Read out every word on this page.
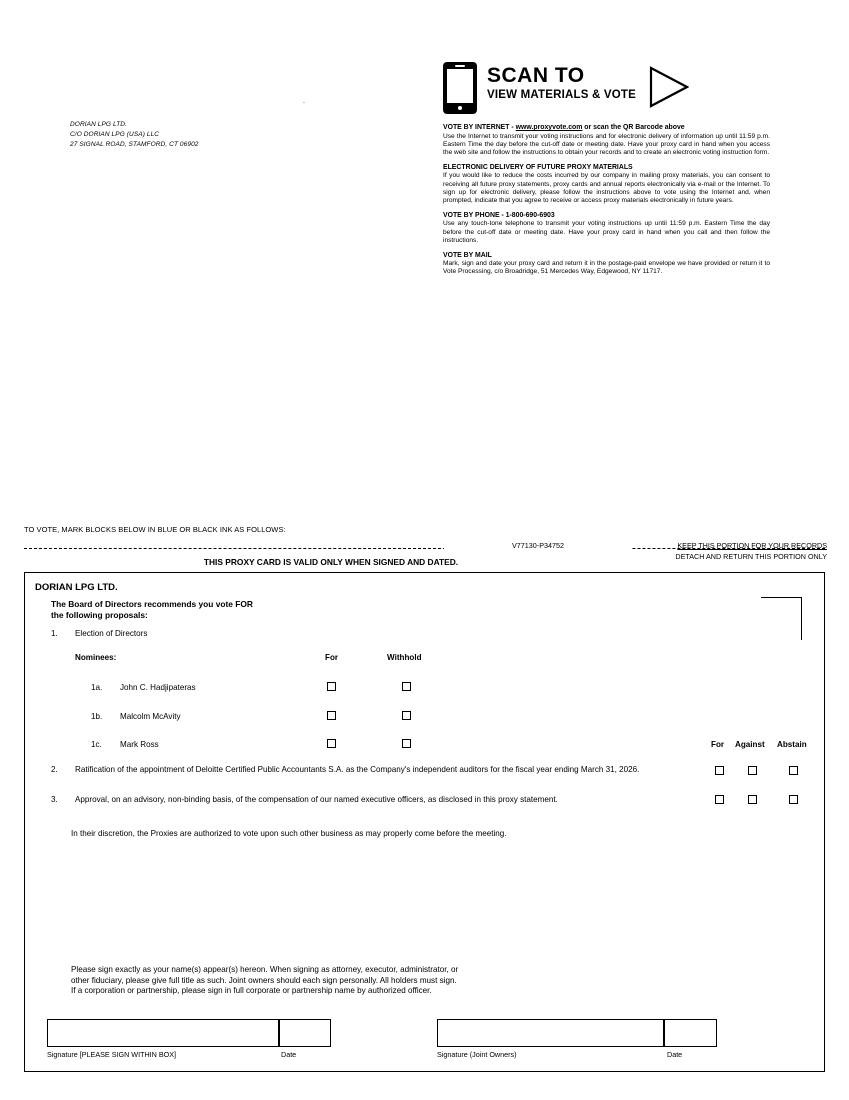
DORIAN LPG LTD.
C/O DORIAN LPG (USA) LLC
27 SIGNAL ROAD, STAMFORD, CT 06902
.
SCAN TO
VIEW MATERIALS & VOTE
VOTE BY INTERNET - www.proxyvote.com or scan the QR Barcode above
Use the Internet to transmit your voting instructions and for electronic delivery of information up until 11:59 p.m. Eastern Time the day before the cut-off date or meeting date. Have your proxy card in hand when you access the web site and follow the instructions to obtain your records and to create an electronic voting instruction form.
ELECTRONIC DELIVERY OF FUTURE PROXY MATERIALS
If you would like to reduce the costs incurred by our company in mailing proxy materials, you can consent to receiving all future proxy statements, proxy cards and annual reports electronically via e-mail or the Internet. To sign up for electronic delivery, please follow the instructions above to vote using the Internet and, when prompted, indicate that you agree to receive or access proxy materials electronically in future years.
VOTE BY PHONE - 1-800-690-6903
Use any touch-tone telephone to transmit your voting instructions up until 11:59 p.m. Eastern Time the day before the cut-off date or meeting date. Have your proxy card in hand when you call and then follow the instructions.
VOTE BY MAIL
Mark, sign and date your proxy card and return it in the postage-paid envelope we have provided or return it to Vote Processing, c/o Broadridge, 51 Mercedes Way, Edgewood, NY 11717.
TO VOTE, MARK BLOCKS BELOW IN BLUE OR BLACK INK AS FOLLOWS:
V77130-P34752	KEEP THIS PORTION FOR YOUR RECORDS
DETACH AND RETURN THIS PORTION ONLY
THIS PROXY CARD IS VALID ONLY WHEN SIGNED AND DATED.
DORIAN LPG LTD.
The Board of Directors recommends you vote FOR
the following proposals:
1. Election of Directors
Nominees:	For	Withhold
1a. John C. Hadjipateras
1b. Malcolm McAvity
1c. Mark Ross	For Against Abstain
2. Ratification of the appointment of Deloitte Certified Public Accountants S.A. as the Company's independent auditors for the fiscal year ending March 31, 2026.
3. Approval, on an advisory, non-binding basis, of the compensation of our named executive officers, as disclosed in this proxy statement.
In their discretion, the Proxies are authorized to vote upon such other business as may properly come before the meeting.
Please sign exactly as your name(s) appear(s) hereon. When signing as attorney, executor, administrator, or other fiduciary, please give full title as such. Joint owners should each sign personally. All holders must sign. If a corporation or partnership, please sign in full corporate or partnership name by authorized officer.
Signature [PLEASE SIGN WITHIN BOX]	Date	Signature (Joint Owners)	Date
